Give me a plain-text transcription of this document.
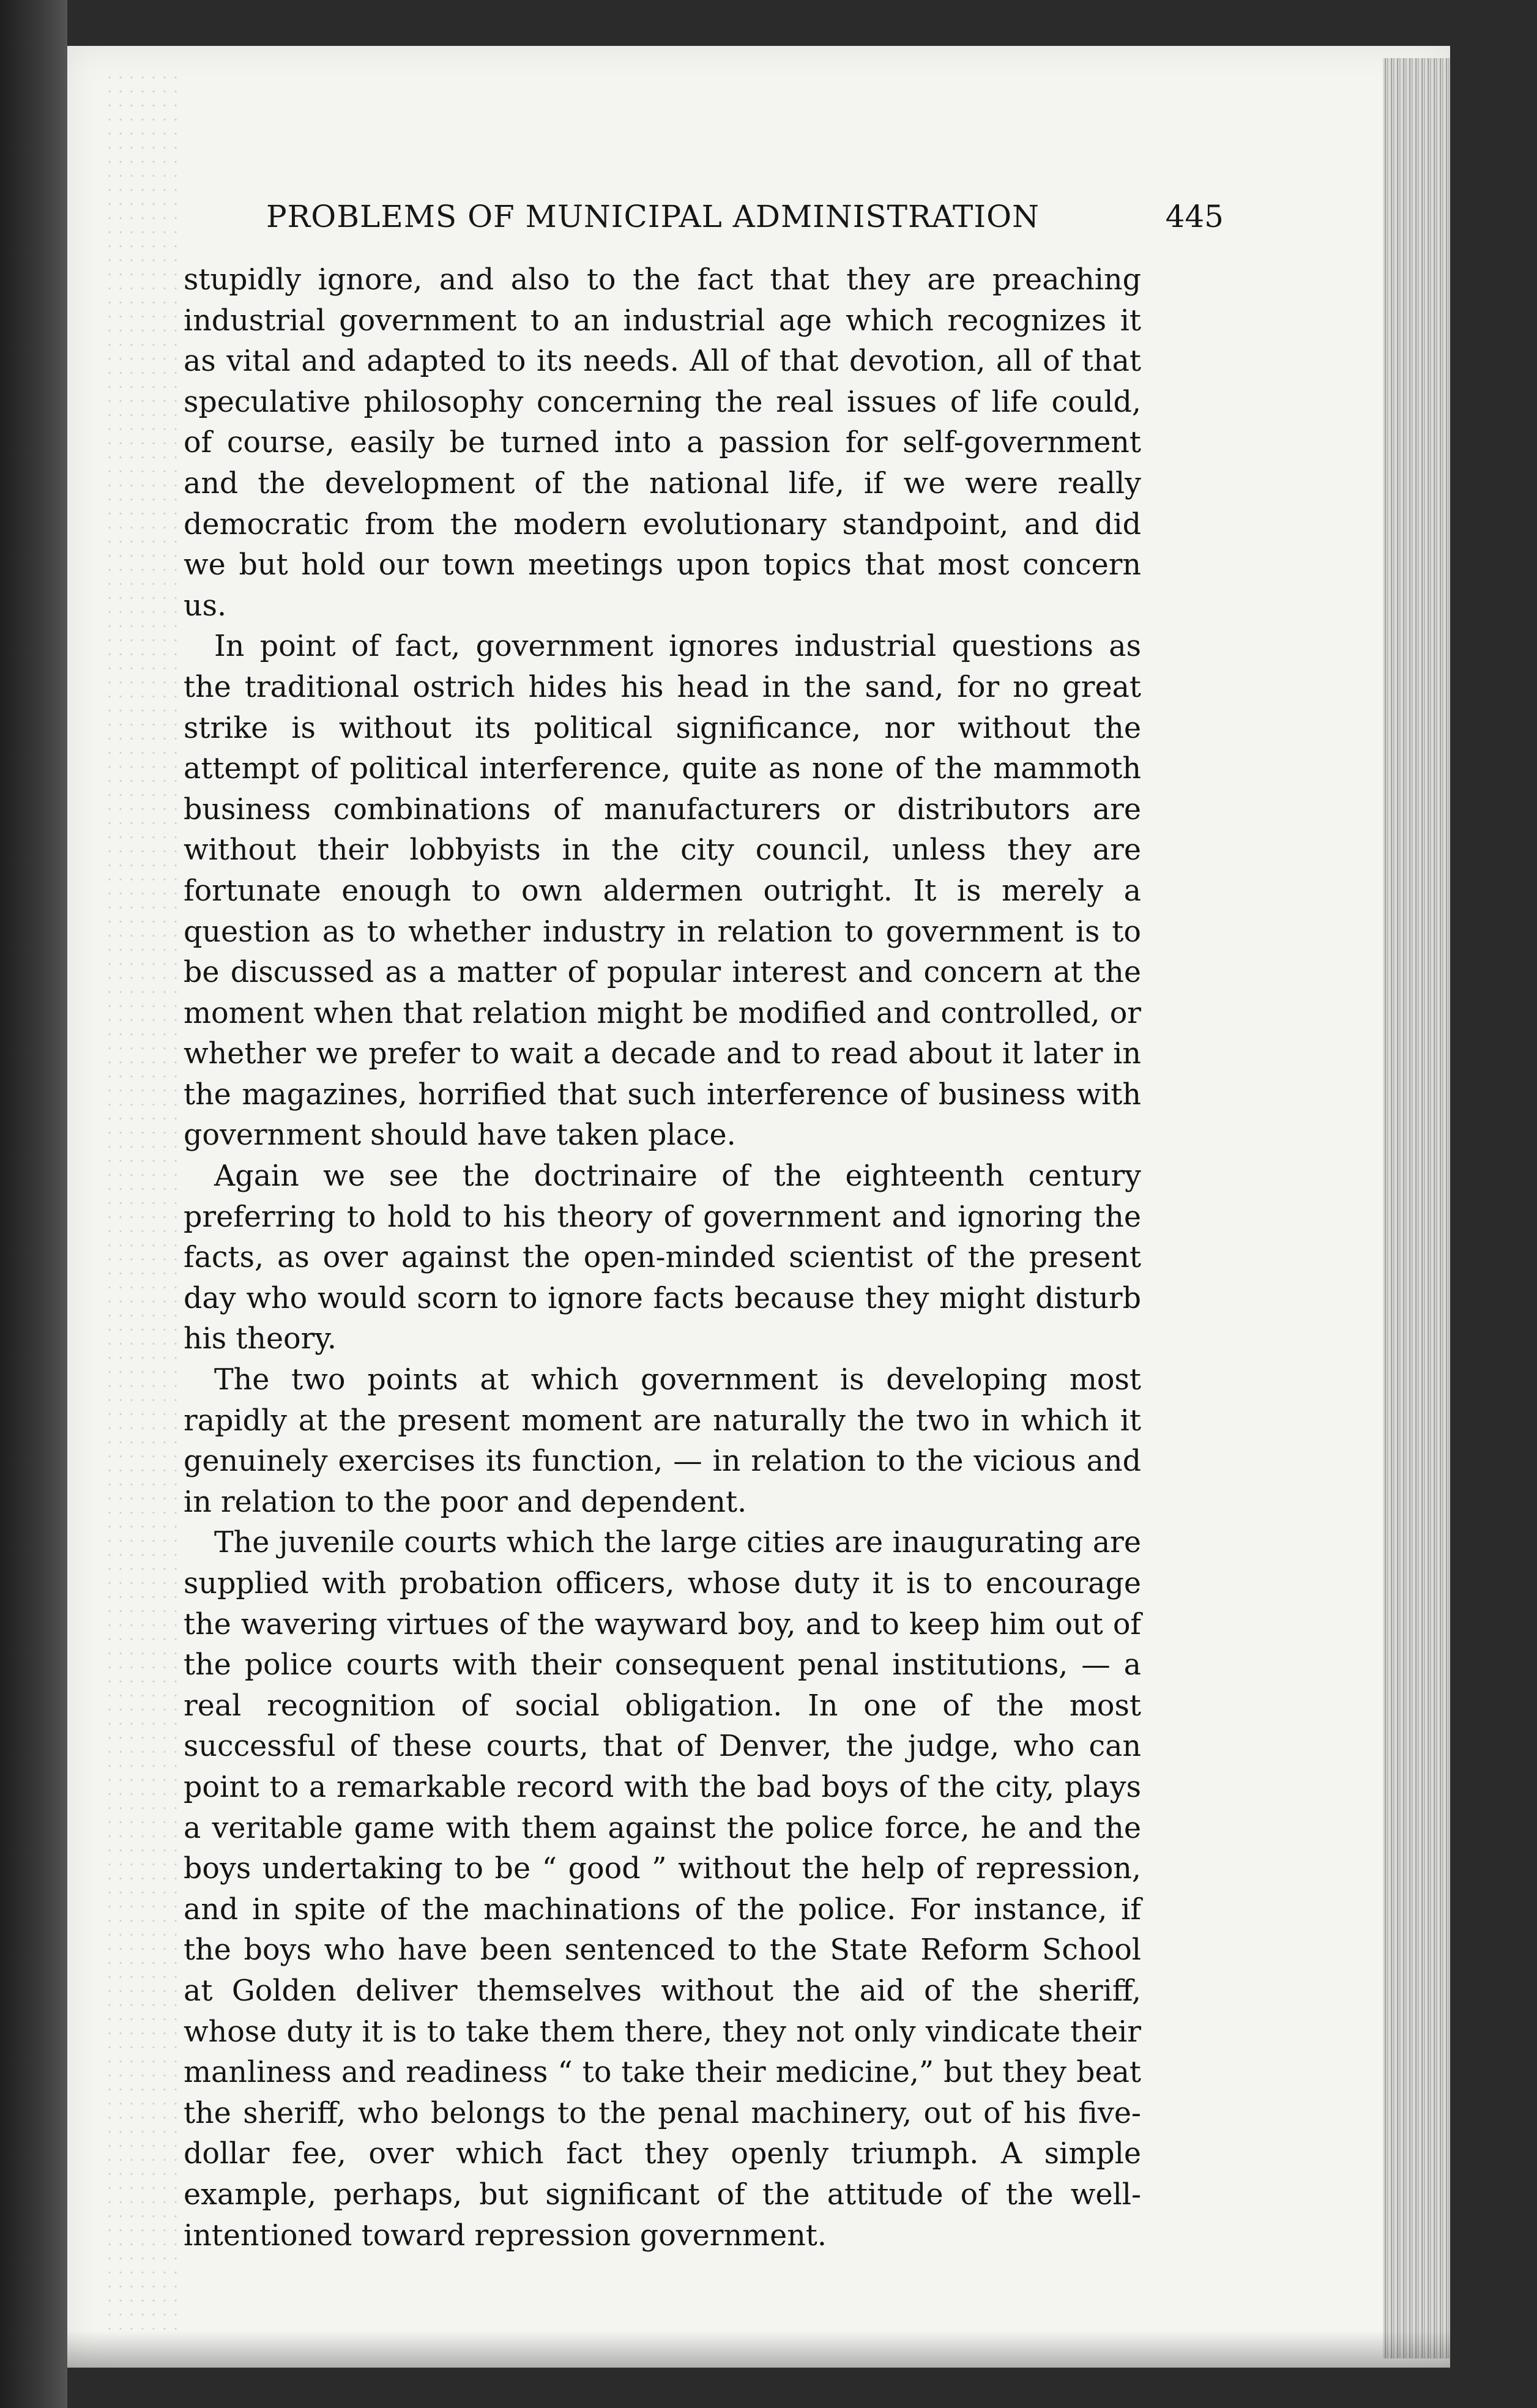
PROBLEMS OF MUNICIPAL ADMINISTRATION	445

stupidly ignore, and also to the fact that they are preaching industrial government to an industrial age which recognizes it as vital and adapted to its needs. All of that devotion, all of that speculative philosophy concerning the real issues of life could, of course, easily be turned into a passion for self-government and the development of the national life, if we were really democratic from the modern evolutionary standpoint, and did we but hold our town meetings upon topics that most concern us.

In point of fact, government ignores industrial questions as the traditional ostrich hides his head in the sand, for no great strike is without its political significance, nor without the attempt of political interference, quite as none of the mammoth business combinations of manufacturers or distributors are without their lobbyists in the city council, unless they are fortunate enough to own aldermen outright. It is merely a question as to whether industry in relation to government is to be discussed as a matter of popular interest and concern at the moment when that relation might be modified and controlled, or whether we prefer to wait a decade and to read about it later in the magazines, horrified that such interference of business with government should have taken place.

Again we see the doctrinaire of the eighteenth century preferring to hold to his theory of government and ignoring the facts, as over against the open-minded scientist of the present day who would scorn to ignore facts because they might disturb his theory.

The two points at which government is developing most rapidly at the present moment are naturally the two in which it genuinely exercises its function, — in relation to the vicious and in relation to the poor and dependent.

The juvenile courts which the large cities are inaugurating are supplied with probation officers, whose duty it is to encourage the wavering virtues of the wayward boy, and to keep him out of the police courts with their consequent penal institutions, — a real recognition of social obligation. In one of the most successful of these courts, that of Denver, the judge, who can point to a remarkable record with the bad boys of the city, plays a veritable game with them against the police force, he and the boys undertaking to be “ good ” without the help of repression, and in spite of the machinations of the police. For instance, if the boys who have been sentenced to the State Reform School at Golden deliver themselves without the aid of the sheriff, whose duty it is to take them there, they not only vindicate their manliness and readiness “ to take their medicine,” but they beat the sheriff, who belongs to the penal machinery, out of his five-dollar fee, over which fact they openly triumph. A simple example, perhaps, but significant of the attitude of the well-intentioned toward repression government.
